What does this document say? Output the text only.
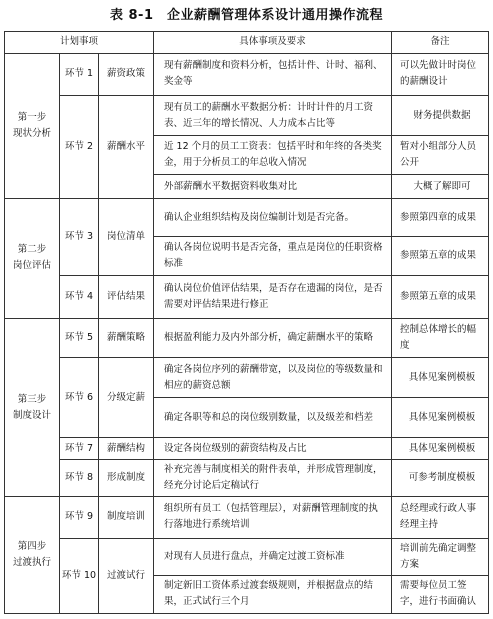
表 8-1　企业薪酬管理体系设计通用操作流程
计划事项			具体事项及要求	备注
第一步
现状分析	环节 1	薪资政策	现有薪酬制度和资料分析，包括计件、计时、福利、奖金等	可以先做计时岗位的薪酬设计
	环节 2	薪酬水平	现有员工的薪酬水平数据分析：计时计件的月工资表、近三年的增长情况、人力成本占比等	财务提供数据
			近 12 个月的员工工资表：包括平时和年终的各类奖金，用于分析员工的年总收入情况	暂对小组部分人员公开
			外部薪酬水平数据资料收集对比	大概了解即可
第二步
岗位评估	环节 3	岗位清单	确认企业组织结构及岗位编制计划是否完备。	参照第四章的成果
			确认各岗位说明书是否完备，重点是岗位的任职资格标准	参照第五章的成果
	环节 4	评估结果	确认岗位价值评估结果，是否存在遗漏的岗位，是否需要对评估结果进行修正	参照第五章的成果
第三步
制度设计	环节 5	薪酬策略	根据盈利能力及内外部分析，确定薪酬水平的策略	控制总体增长的幅度
	环节 6	分级定薪	确定各岗位序列的薪酬带宽，以及岗位的等级数量和相应的薪资总额	具体见案例模板
			确定各职等和总的岗位级别数量，以及级差和档差	具体见案例模板
	环节 7	薪酬结构	设定各岗位级别的薪资结构及占比	具体见案例模板
	环节 8	形成制度	补充完善与制度相关的附件表单，并形成管理制度，经充分讨论后定稿试行	可参考制度模板
第四步
过渡执行	环节 9	制度培训	组织所有员工（包括管理层），对薪酬管理制度的执行落地进行系统培训	总经理或行政人事经理主持
	环节 10	过渡试行	对现有人员进行盘点，并确定过渡工资标准	培训前先确定调整方案
			制定新旧工资体系过渡套级规则，并根据盘点的结果，正式试行三个月	需要每位员工签字，进行书面确认
